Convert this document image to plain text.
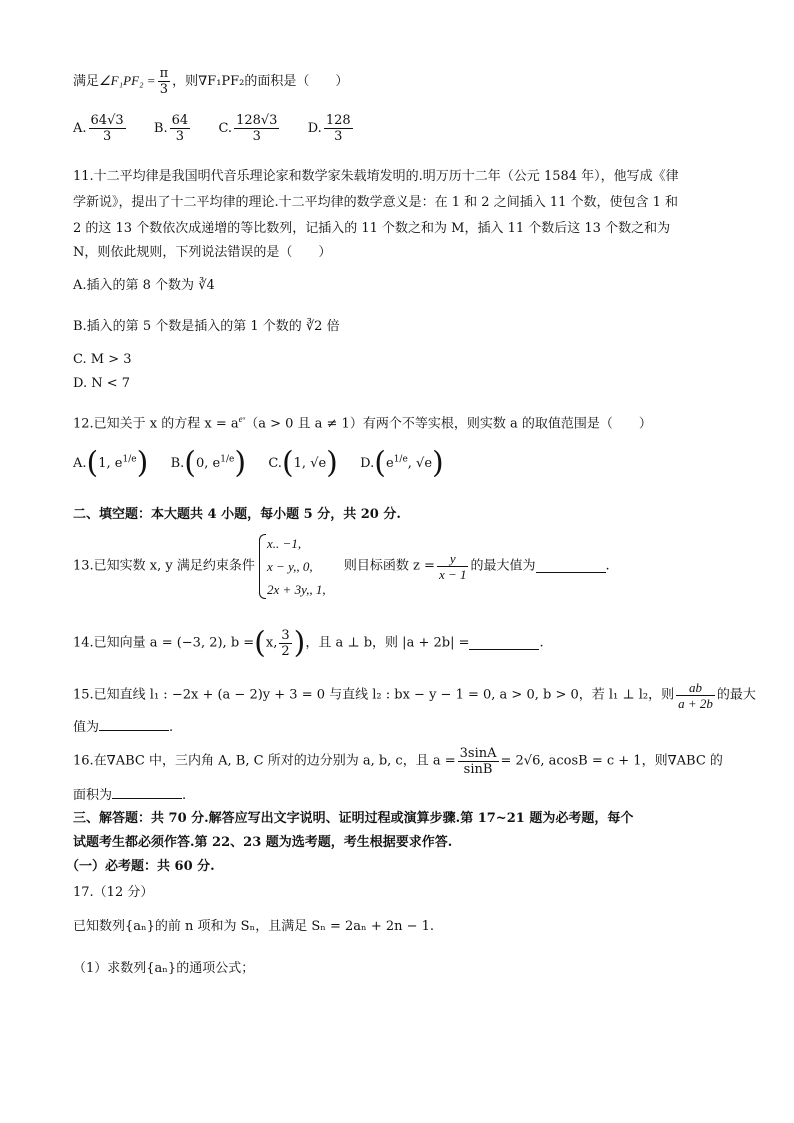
满足∠F₁PF₂ = $\frac{\pi}{3}$ ，则∇F₁PF₂的面积是（　　）
A. $\frac{64√3}{3} B$. $\frac{64}{3} C$. $\frac{128√3}{3} D$. $\frac{128}{3}$
11.十二平均律是我国明代音乐理论家和数学家朱载堉发明的.明万历十二年（公元 1584 年），他写成《律
学新说》，提出了十二平均律的理论.十二平均律的数学意义是：在 1 和 2 之间插入 11 个数，使包含 1 和
2 的这 13 个数依次成递增的等比数列，记插入的 11 个数之和为 M，插入 11 个数后这 13 个数之和为
N，则依此规则，下列说法错误的是（　　）
A.插入的第 8 个数为 ∛4
B.插入的第 5 个数是插入的第 1 个数的 ∛2 倍
C. M > 3
D. N < 7
12.已知关于 x 的方程 $x = a^{eˣ}(a > 0$ 且 a ≠ 1）有两个不等实根，则实数 a 的取值范围是（　　）
A.(1, $e^{1/e}$) B.(0, $e^{1/e}$) C.(1, √e) $D.(e^{1/e}$, √e)
二、填空题：本大题共 4 小题，每小题 5 分，共 20 分.
13.已知实数 x, y 满足约束条件
x.. −1,
x − y,, 0,
2x + 3y,, 1,
则目标函数 $z = \frac{y}{x - 1}$ 的最大值为	.
14.已知向量 a = (−3, 2), b =(x, $\frac{3}{2}$ )，且 a ⊥ b，则 |a + 2b| =	.
15.已知直线 l₁ : −2x + (a − 2)y + 3 = 0 与直线 l₂ : bx − y − 1 = 0, a > 0, b > 0，若 l₁ ⊥ l₂，则 $\frac{ab}{a + 2b}$ 的最大
值为	.
16.在∇ABC 中，三内角 A, B, C 所对的边分别为 a, b, c，且 $a = \frac{3\sin A}{\sin B} = 2√6$, acosB = c + 1，则∇ABC 的
面积为	.
三、解答题：共 70 分.解答应写出文字说明、证明过程或演算步骤.第 17~21 题为必考题，每个
试题考生都必须作答.第 22、23 题为选考题，考生根据要求作答.
（一）必考题：共 60 分.
17.（12 分）
已知数列{aₙ}的前 n 项和为 Sₙ，且满足 Sₙ = 2aₙ + 2n − 1.
（1）求数列{aₙ}的通项公式；
